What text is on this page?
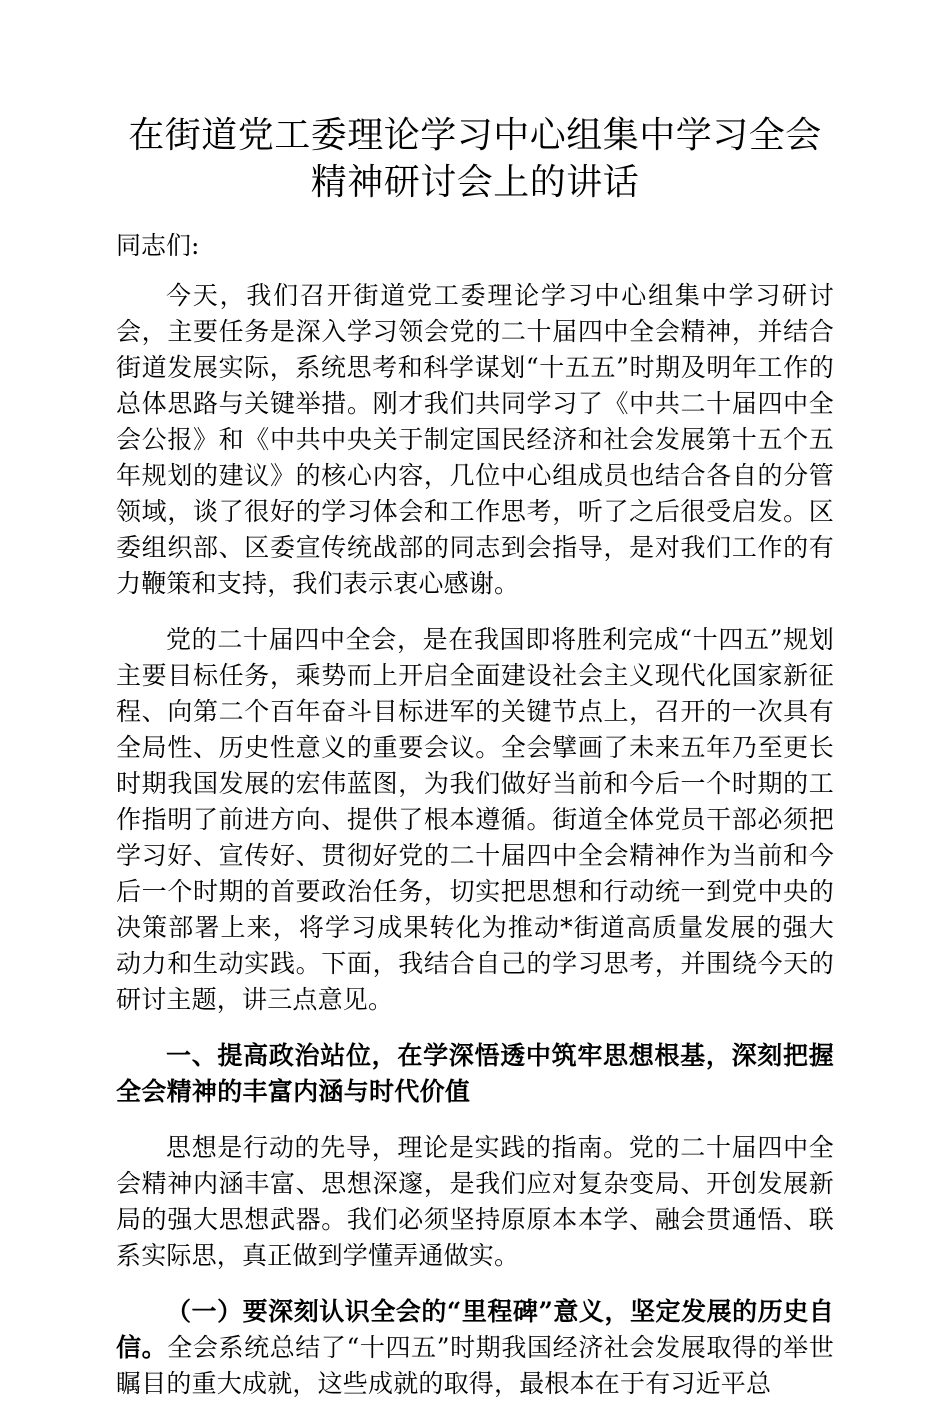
在街道党工委理论学习中心组集中学习全会精神研讨会上的讲话

同志们:

今天，我们召开街道党工委理论学习中心组集中学习研讨会，主要任务是深入学习领会党的二十届四中全会精神，并结合街道发展实际，系统思考和科学谋划“十五五”时期及明年工作的总体思路与关键举措。刚才我们共同学习了《中共二十届四中全会公报》和《中共中央关于制定国民经济和社会发展第十五个五年规划的建议》的核心内容，几位中心组成员也结合各自的分管领域，谈了很好的学习体会和工作思考，听了之后很受启发。区委组织部、区委宣传统战部的同志到会指导，是对我们工作的有力鞭策和支持，我们表示衷心感谢。

党的二十届四中全会，是在我国即将胜利完成“十四五”规划主要目标任务，乘势而上开启全面建设社会主义现代化国家新征程、向第二个百年奋斗目标进军的关键节点上，召开的一次具有全局性、历史性意义的重要会议。全会擘画了未来五年乃至更长时期我国发展的宏伟蓝图，为我们做好当前和今后一个时期的工作指明了前进方向、提供了根本遵循。街道全体党员干部必须把学习好、宣传好、贯彻好党的二十届四中全会精神作为当前和今后一个时期的首要政治任务，切实把思想和行动统一到党中央的决策部署上来，将学习成果转化为推动*街道高质量发展的强大动力和生动实践。下面，我结合自己的学习思考，并围绕今天的研讨主题，讲三点意见。

一、提高政治站位，在学深悟透中筑牢思想根基，深刻把握全会精神的丰富内涵与时代价值

思想是行动的先导，理论是实践的指南。党的二十届四中全会精神内涵丰富、思想深邃，是我们应对复杂变局、开创发展新局的强大思想武器。我们必须坚持原原本本学、融会贯通悟、联系实际思，真正做到学懂弄通做实。

（一）要深刻认识全会的“里程碑”意义，坚定发展的历史自信。全会系统总结了“十四五”时期我国经济社会发展取得的举世瞩目的重大成就，这些成就的取得，最根本在于有习近平总
